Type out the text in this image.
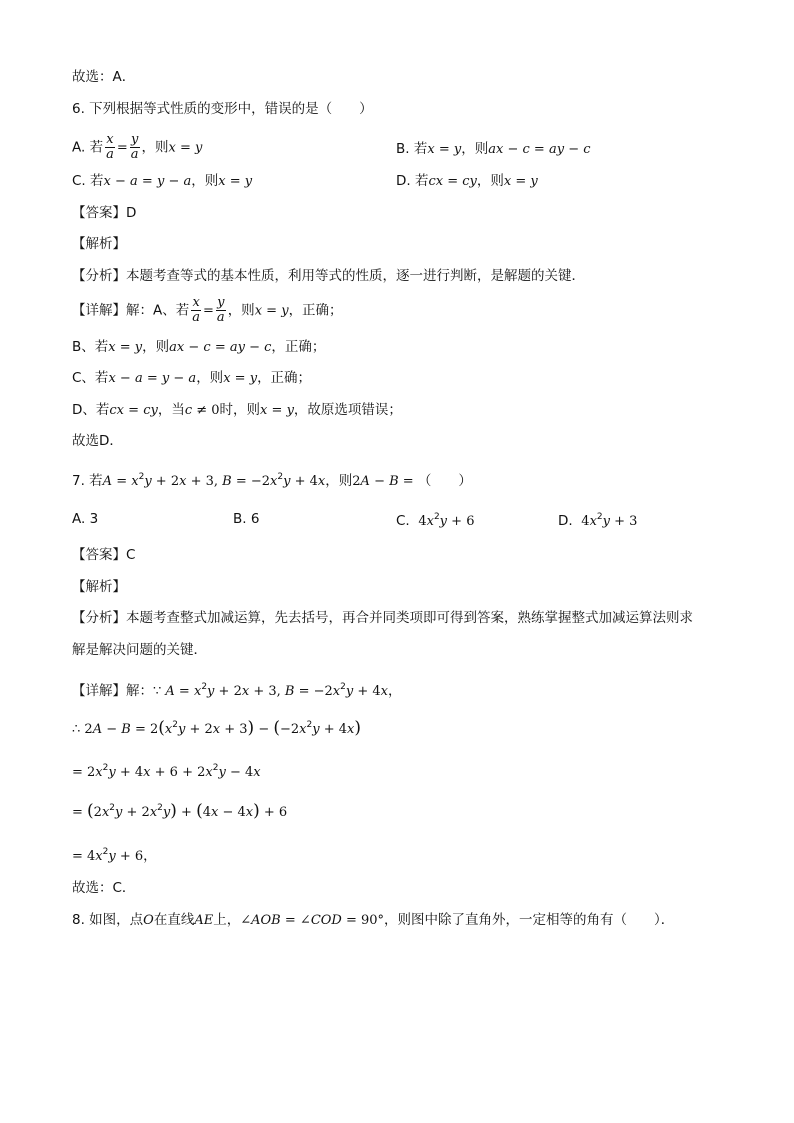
故选：A．
6. 下列根据等式性质的变形中，错误的是（　　）
A. 若 $\frac{x}{a} = \frac{y}{a}$ ，则x = y	B. 若x = y，则ax − c = ay − c
C. 若x − a = y − a，则x = y	D. 若cx = cy，则x = y
【答案】D
【解析】
【分析】本题考查等式的基本性质，利用等式的性质，逐一进行判断，是解题的关键．
【详解】解：A、若 $\frac{x}{a} = \frac{y}{a}$ ，则x = y，正确；
B、若x = y，则ax − c = ay − c，正确；
C、若x − a = y − a，则x = y，正确；
D、若cx = cy，当c ≠ 0时，则x = y，故原选项错误；
故选D．
7. 若$A = x^2y + 2x + 3$, $B = -2x^2y + 4x$，则2A − B = （　　）
A. 3	B. 6	C. $4x^2y + 6$	D. $4x^2y + 3$
【答案】C
【解析】
【分析】本题考查整式加减运算，先去括号，再合并同类项即可得到答案，熟练掌握整式加减运算法则求
解是解决问题的关键．
【详解】解：∵ $A = x^2y + 2x + 3$, $B = -2x^2y + 4x$，
∴ $2A - B = 2(x^2y + 2x + 3) - (-2x^2y + 4x)$
= $2x^2y + 4x + 6 + 2x^2y - 4x$
= $(2x^2y + 2x^2y) + (4x - 4x) + 6$
= $4x^2y + 6$，
故选：C．
8. 如图，点O在直线AE上，∠AOB = ∠COD = 90°，则图中除了直角外，一定相等的角有（　　）．
